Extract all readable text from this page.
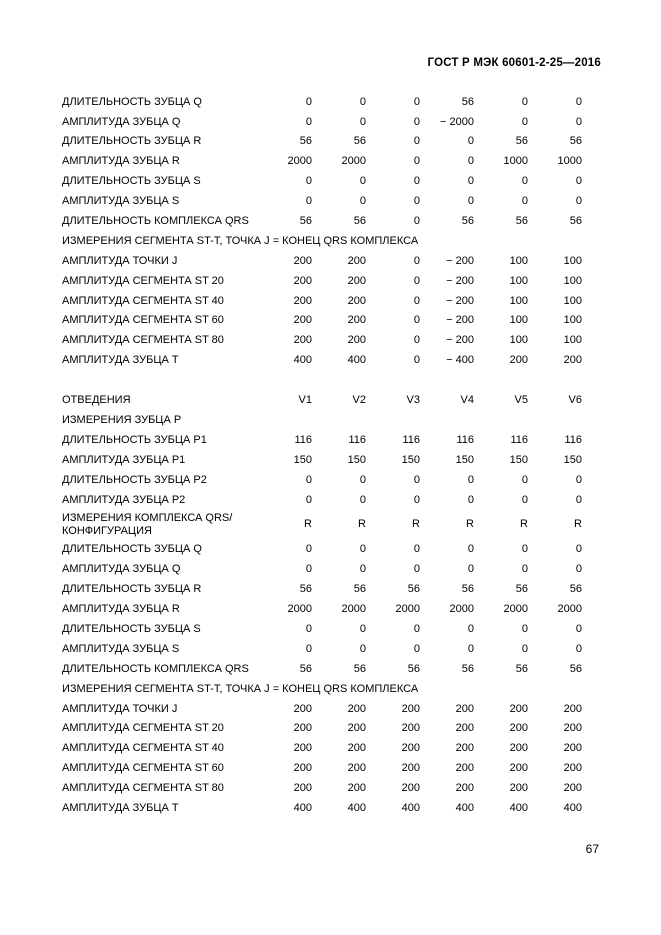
ГОСТ Р МЭК 60601-2-25—2016
ДЛИТЕЛЬНОСТЬ ЗУБЦА Q	0	0	0	56	0	0
АМПЛИТУДА ЗУБЦА Q	0	0	0	− 2000	0	0
ДЛИТЕЛЬНОСТЬ ЗУБЦА R	56	56	0	0	56	56
АМПЛИТУДА ЗУБЦА R	2000	2000	0	0	1000	1000
ДЛИТЕЛЬНОСТЬ ЗУБЦА S	0	0	0	0	0	0
АМПЛИТУДА ЗУБЦА S	0	0	0	0	0	0
ДЛИТЕЛЬНОСТЬ КОМПЛЕКСА QRS	56	56	0	56	56	56
ИЗМЕРЕНИЯ СЕГМЕНТА ST-T, ТОЧКА J = КОНЕЦ QRS КОМПЛЕКСА
АМПЛИТУДА ТОЧКИ J	200	200	0	− 200	100	100
АМПЛИТУДА СЕГМЕНТА ST 20	200	200	0	− 200	100	100
АМПЛИТУДА СЕГМЕНТА ST 40	200	200	0	− 200	100	100
АМПЛИТУДА СЕГМЕНТА ST 60	200	200	0	− 200	100	100
АМПЛИТУДА СЕГМЕНТА ST 80	200	200	0	− 200	100	100
АМПЛИТУДА ЗУБЦА Т	400	400	0	− 400	200	200
ОТВЕДЕНИЯ	V1	V2	V3	V4	V5	V6
ИЗМЕРЕНИЯ ЗУБЦА P
ДЛИТЕЛЬНОСТЬ ЗУБЦА P1	116	116	116	116	116	116
АМПЛИТУДА ЗУБЦА P1	150	150	150	150	150	150
ДЛИТЕЛЬНОСТЬ ЗУБЦА P2	0	0	0	0	0	0
АМПЛИТУДА ЗУБЦА P2	0	0	0	0	0	0
ИЗМЕРЕНИЯ КОМПЛЕКСА QRS/КОНФИГУРАЦИЯ
R	R	R	R	R	R
ДЛИТЕЛЬНОСТЬ ЗУБЦА Q	0	0	0	0	0	0
АМПЛИТУДА ЗУБЦА Q	0	0	0	0	0	0
ДЛИТЕЛЬНОСТЬ ЗУБЦА R	56	56	56	56	56	56
АМПЛИТУДА ЗУБЦА R	2000	2000	2000	2000	2000	2000
ДЛИТЕЛЬНОСТЬ ЗУБЦА S	0	0	0	0	0	0
АМПЛИТУДА ЗУБЦА S	0	0	0	0	0	0
ДЛИТЕЛЬНОСТЬ КОМПЛЕКСА QRS	56	56	56	56	56	56
ИЗМЕРЕНИЯ СЕГМЕНТА ST-T, ТОЧКА J = КОНЕЦ QRS КОМПЛЕКСА
АМПЛИТУДА ТОЧКИ J	200	200	200	200	200	200
АМПЛИТУДА СЕГМЕНТА ST 20	200	200	200	200	200	200
АМПЛИТУДА СЕГМЕНТА ST 40	200	200	200	200	200	200
АМПЛИТУДА СЕГМЕНТА ST 60	200	200	200	200	200	200
АМПЛИТУДА СЕГМЕНТА ST 80	200	200	200	200	200	200
АМПЛИТУДА ЗУБЦА Т	400	400	400	400	400	400
67
